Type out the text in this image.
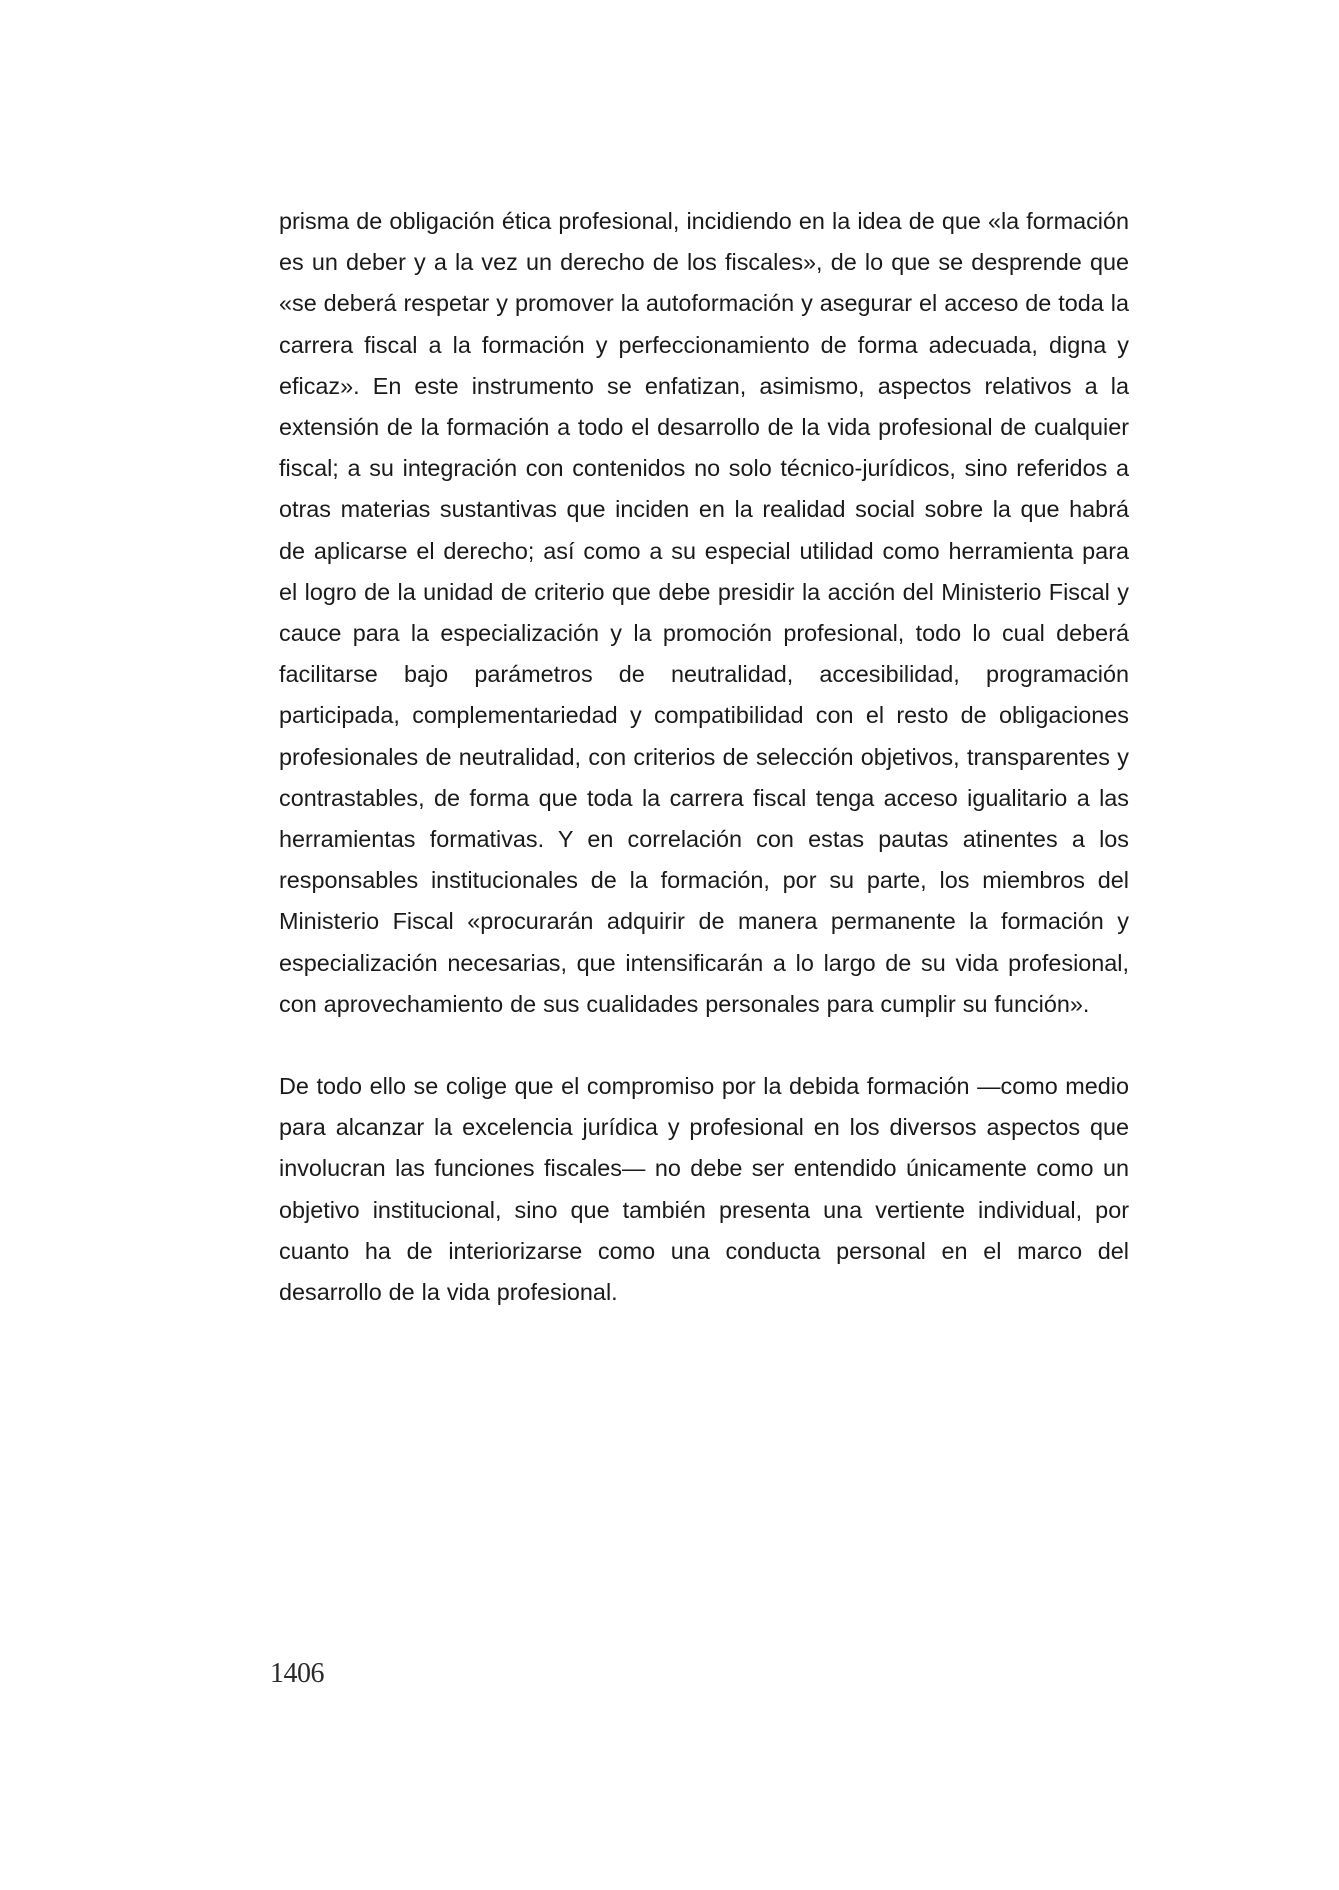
prisma de obligación ética profesional, incidiendo en la idea de que «la formación es un deber y a la vez un derecho de los fiscales», de lo que se desprende que «se deberá respetar y promover la autoformación y asegurar el acceso de toda la carrera fiscal a la formación y perfeccionamiento de forma adecuada, digna y eficaz». En este instrumento se enfatizan, asimismo, aspectos relativos a la extensión de la formación a todo el desarrollo de la vida profesional de cualquier fiscal; a su integración con contenidos no solo técnico-jurídicos, sino referidos a otras materias sustantivas que inciden en la realidad social sobre la que habrá de aplicarse el derecho; así como a su especial utilidad como herramienta para el logro de la unidad de criterio que debe presidir la acción del Ministerio Fiscal y cauce para la especialización y la promoción profesional, todo lo cual deberá facilitarse bajo parámetros de neutralidad, accesibilidad, programación participada, complementariedad y compatibilidad con el resto de obligaciones profesionales de neutralidad, con criterios de selección objetivos, transparentes y contrastables, de forma que toda la carrera fiscal tenga acceso igualitario a las herramientas formativas. Y en correlación con estas pautas atinentes a los responsables institucionales de la formación, por su parte, los miembros del Ministerio Fiscal «procurarán adquirir de manera permanente la formación y especialización necesarias, que intensificarán a lo largo de su vida profesional, con aprovechamiento de sus cualidades personales para cumplir su función».

De todo ello se colige que el compromiso por la debida formación —como medio para alcanzar la excelencia jurídica y profesional en los diversos aspectos que involucran las funciones fiscales— no debe ser entendido únicamente como un objetivo institucional, sino que también presenta una vertiente individual, por cuanto ha de interiorizarse como una conducta personal en el marco del desarrollo de la vida profesional.

1406
